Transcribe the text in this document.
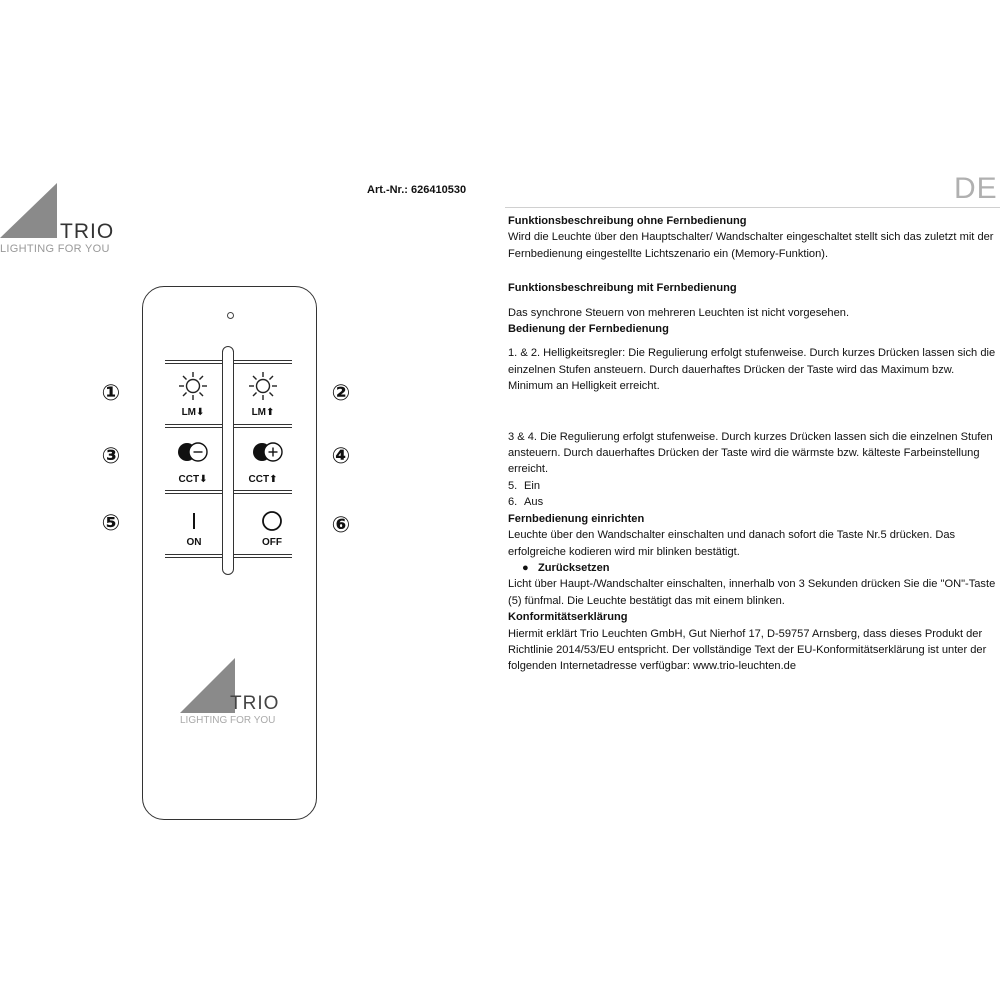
TRIO
LIGHTING FOR YOU
Art.-Nr.: 626410530	DE
LM⬇	LM⬆
CCT⬇	CCT⬆
ON	OFF
①	②
③	④
⑤	⑥
TRIO
LIGHTING FOR YOU

Funktionsbeschreibung ohne Fernbedienung

Wird die Leuchte über den Hauptschalter/ Wandschalter eingeschaltet stellt sich das zuletzt mit der Fernbedienung eingestellte Lichtszenario ein (Memory-Funktion).

Funktionsbeschreibung mit Fernbedienung

Das synchrone Steuern von mehreren Leuchten ist nicht vorgesehen.

Bedienung der Fernbedienung

1. & 2. Helligkeitsregler: Die Regulierung erfolgt stufenweise. Durch kurzes Drücken lassen sich die einzelnen Stufen ansteuern. Durch dauerhaftes Drücken der Taste wird das Maximum bzw. Minimum an Helligkeit erreicht.

3 & 4. Die Regulierung erfolgt stufenweise. Durch kurzes Drücken lassen sich die einzelnen Stufen ansteuern. Durch dauerhaftes Drücken der Taste wird die wärmste bzw. kälteste Farbeinstellung erreicht.

5. Ein

6. Aus

Fernbedienung einrichten

Leuchte über den Wandschalter einschalten und danach sofort die Taste Nr.5 drücken. Das erfolgreiche kodieren wird mir blinken bestätigt.

● Zurücksetzen

Licht über Haupt-/Wandschalter einschalten, innerhalb von 3 Sekunden drücken Sie die "ON"-Taste (5) fünfmal. Die Leuchte bestätigt das mit einem blinken.

Konformitätserklärung

Hiermit erklärt Trio Leuchten GmbH, Gut Nierhof 17, D-59757 Arnsberg, dass dieses Produkt der Richtlinie 2014/53/EU entspricht. Der vollständige Text der EU-Konformitätserklärung ist unter der folgenden Internetadresse verfügbar: www.trio-leuchten.de
